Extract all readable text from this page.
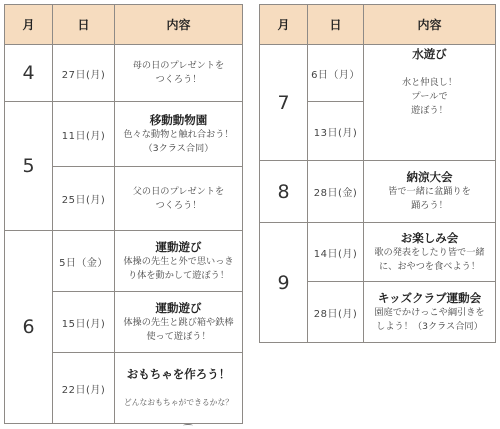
月	日	内容
4	27日(月)	母の日のプレゼントを
つくろう！

5	11日(月)	移動動物園
色々な動物と触れ合おう！
（3クラス合同）

	25日(月)	父の日のプレゼントを
つくろう！

6	5日（金）	運動遊び
体操の先生と外で思いっき
り体を動かして遊ぼう！

	15日(月)	運動遊び
体操の先生と跳び箱や鉄棒
使って遊ぼう！

	22日(月)	おもちゃを作ろう！
どんなおもちゃができるかな？
月	日	内容
7	6日（月）	水遊び
水と仲良し！
プールで
遊ぼう！

	13日(月)	
8	28日(金)	納涼大会
皆で一緒に盆踊りを
踊ろう！

9	14日(月)	お楽しみ会
歌の発表をしたり皆で一緒
に、おやつを食べよう！

	28日(月)	キッズクラブ運動会
園庭でかけっこや綱引きを
しよう！（3クラス合同）
